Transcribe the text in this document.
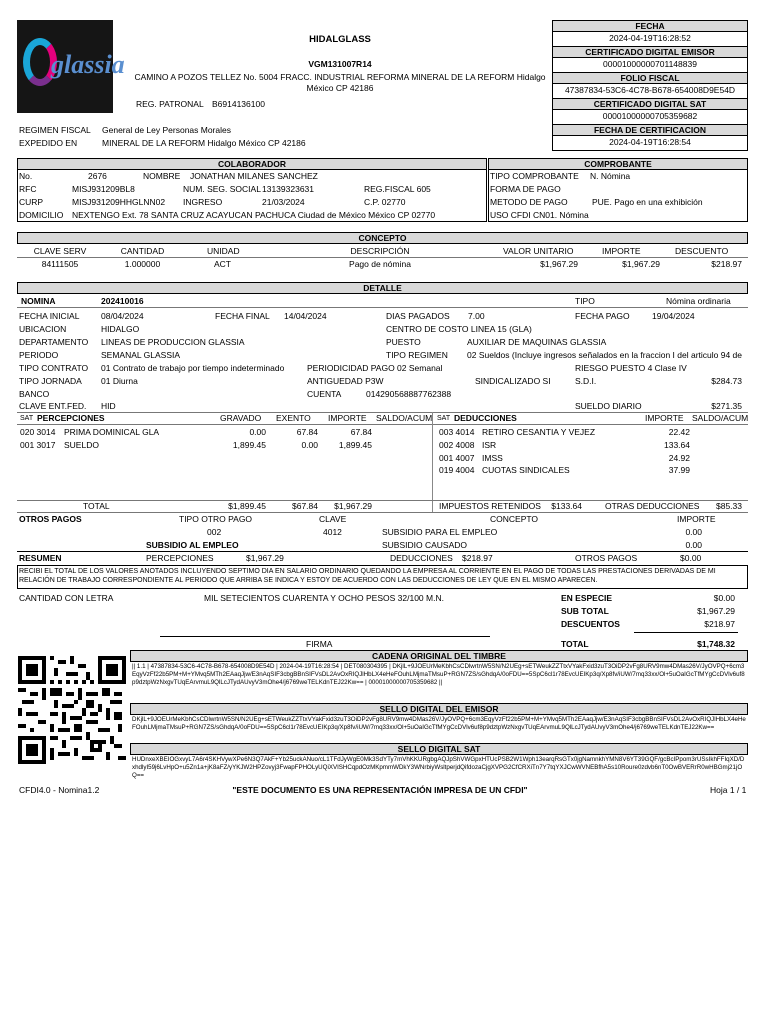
glassia
HIDALGLASS
VGM131007R14
CAMINO A POZOS TELLEZ No. 5004 FRACC. INDUSTRIAL REFORMA MINERAL DE LA REFORM Hidalgo
México CP 42186
REG. PATRONAL B6914136100
REGIMEN FISCAL General de Ley Personas Morales
EXPEDIDO EN	MINERAL DE LA REFORM Hidalgo México CP 42186
FECHA
2024-04-19T16:28:52
CERTIFICADO DIGITAL EMISOR
00001000000701148839
FOLIO FISCAL
47387834-53C6-4C78-B678-654008D9E54D
CERTIFICADO DIGITAL SAT
00001000000705359682
FECHA DE CERTIFICACION
2024-04-19T16:28:54
COLABORADOR
No.	2676	NOMBRE JONATHAN MILANES SANCHEZ
RFC	MISJ931209BL8	NUM. SEG. SOCIAL 13139323631	REG.FISCAL 605
CURP	MISJ931209HHGLNN02 INGRESO	21/03/2024	C.P. 02770
DOMICILIO NEXTENGO Ext. 78 SANTA CRUZ ACAYUCAN PACHUCA Ciudad de México México CP 02770
COMPROBANTE
TIPO COMPROBANTE N. Nómina
FORMA DE PAGO
METODO DE PAGO	PUE. Pago en una exhibición
USO CFDI CN01. Nómina
CONCEPTO
CLAVE SERV	CANTIDAD	UNIDAD	DESCRIPCIÓN	VALOR UNITARIO	IMPORTE	DESCUENTO
84111505	1.000000	ACT	Pago de nómina	$1,967.29	$1,967.29	$218.97
DETALLE
NOMINA	202410016	TIPO	Nómina ordinaria
FECHA INICIAL	08/04/2024	FECHA FINAL 14/04/2024	DIAS PAGADOS 7.00	FECHA PAGO	19/04/2024
UBICACION	HIDALGO	CENTRO DE COSTO LINEA 15 (GLA)
DEPARTAMENTO LINEAS DE PRODUCCION GLASSIA	PUESTO	AUXILIAR DE MAQUINAS GLASSIA
PERIODO	SEMANAL GLASSIA	TIPO REGIMEN 02 Sueldos (Incluye ingresos señalados en la fraccion I del articulo 94 de
TIPO CONTRATO 01 Contrato de trabajo por tiempo indeterminado	PERIODICIDAD PAGO 02 Semanal	RIESGO PUESTO 4 Clase IV
TIPO JORNADA 01 Diurna	ANTIGUEDAD P3W	SINDICALIZADO SI	S.D.I.	$284.73
BANCO	CUENTA	014290568887762388
CLAVE ENT.FED. HID	SUELDO DIARIO	$271.35
SAT PERCEPCIONES	GRAVADO EXENTO IMPORTE SALDO/ACUM
020 3014 PRIMA DOMINICAL GLA	0.00	67.84	67.84
001 3017 SUELDO	1,899.45	0.00	1,899.45
SAT DEDUCCIONES	IMPORTE SALDO/ACUM
003 4014 RETIRO CESANTIA Y VEJEZ	22.42
002 4008 ISR	133.64
001 4007 IMSS	24.92
019 4004 CUOTAS SINDICALES	37.99
TOTAL	$1,899.45	$67.84	$1,967.29	IMPUESTOS RETENIDOS	$133.64	OTRAS DEDUCCIONES	$85.33
OTROS PAGOS	TIPO OTRO PAGO	CLAVE	CONCEPTO	IMPORTE
002	4012	SUBSIDIO PARA EL EMPLEO	0.00
SUBSIDIO AL EMPLEO	SUBSIDIO CAUSADO	0.00
RESUMEN	PERCEPCIONES	$1,967.29	DEDUCCIONES $218.97	OTROS PAGOS	$0.00
RECIBI EL TOTAL DE LOS VALORES ANOTADOS INCLUYENDO SEPTIMO DIA EN SALARIO ORDINARIO QUEDANDO LA EMPRESA AL CORRIENTE EN EL PAGO DE TODAS LAS PRESTACIONES DERIVADAS DE MI RELACIÓN DE TRABAJO CORRESPONDIENTE AL PERIODO QUE ARRIBA SE INDICA Y ESTOY DE ACUERDO CON LAS DEDUCCIONES DE LEY QUE EN EL MISMO APARECEN.
CANTIDAD CON LETRA	MIL SETECIENTOS CUARENTA Y OCHO PESOS 32/100 M.N.	EN ESPECIE	$0.00
SUB TOTAL	$1,967.29
DESCUENTOS	$218.97
TOTAL	$1,748.32
FIRMA
CADENA ORIGINAL DEL TIMBRE
|| 1.1 | 47387834-53C6-4C78-B678-654008D9E54D | 2024-04-19T16:28:54 | DET080304395 | DKjlL+9JOEUrMeKbhCsCDlwrtnW5SN/N2UEg+sETWeukZZTtxVYakFxid3zuT3OiDP2vFg8URV9mw4DMas26V/JyOVPQ+6cm3EqyVzFf22b5PM+M+YMvq5MTh2EAaqJjw/E3nAqSIF3cbgBBnSIFVsDL2AvOxRIQJlHbLX4eHeFOuhLMjmaTMsuP+RGN7ZS/sGhdqA/0oFDU==5SpC6cl1r78EvcUEIKp3q/Xp8fv/iUW/7mq33xx/Ol+5uOaIGcTfMYgCcDVlv6uf8p9dztpWzNxgvTUqEArvmuL9QlLcJTydAUvyV3mOhe4/j6769weTELKdnTEJ22Kw== | 00001000000705359682 ||
SELLO DIGITAL DEL EMISOR
DKjlL+9JOEUrMeKbhCsCDlwrtnW5SN/N2UEg+sETWeukZZTtxVYakFxid3zuT3OiDP2vFg8URV9mw4DMas26V/JyOVPQ+6cm3EqyVzFf22b5PM+M+YMvq5MTh2EAaqJjw/E3nAqSIF3cbgBBnSIFVsDL2AvOxRIQJlHbLX4eHeFOuhLMjmaTMsuP+RGN7ZS/sGhdqA/0oFDU==5SpC6cl1r78EvcUEIKp3q/Xp8fv/iUW/7mq33xx/Ol+5uOaIGcTfMYgCcDVlv6uf8p9dztpWzNxgvTUqEArvmuL9QlLcJTydAUvyV3mOhe4/j6769weTELKdnTEJ22Kw==
SELLO DIGITAL SAT
HUDnxeXBEIOGxvyL7A6r4SKHVywXPe6N3Q7AkF+Yb25uckANuo/cL1TFdJyWgE0Mk3SdYTy7mVhKKURgbgAQJpShVWGpxHTUcPSB2W1Wph13earqRsGTx0jgNamnkhYMN8V6YT39GQF/gcBcIPpom3rUSsIkhFFIqXD/DxhdlyI59j6LvHpO+u5Zn1a+jK8aFZ/yYKJW2HPZovyj3FwapFPHOLyUQiXVISHCqpdOzMKpmmWDkY3WNrbiyWsltperjdQifdozaCjgXVPG2CfCRXiTn7Y7tqYXJCwWVNEBfhA5s10Roure0zdvb6nT0OwBVERrR0wHBGmj21jOQ==
CFDI4.0 - Nomina1.2	"ESTE DOCUMENTO ES UNA REPRESENTACIÓN IMPRESA DE UN CFDI"	Hoja 1 / 1
